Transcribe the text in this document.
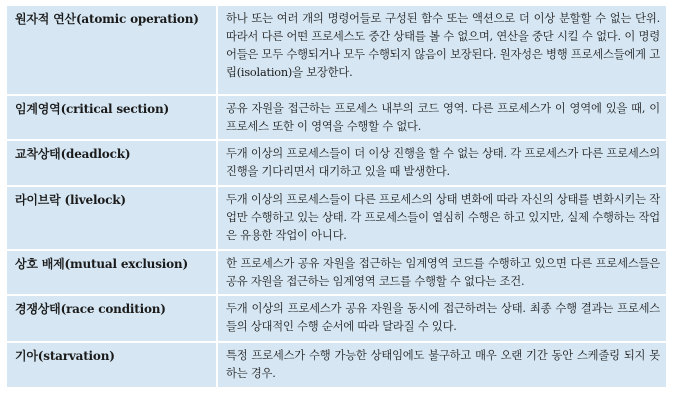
원자적 연산(atomic operation)	하나 또는 여러 개의 명령어들로 구성된 함수 또는 액션으로 더 이상 분할할 수 없는 단위. 따라서 다른 어떤 프로세스도 중간 상태를 볼 수 없으며, 연산을 중단 시킬 수 없다. 이 명령어들은 모두 수행되거나 모두 수행되지 않음이 보장된다. 원자성은 병행 프로세스들에게 고립(isolation)을 보장한다.
임계영역(critical section)	공유 자원을 접근하는 프로세스 내부의 코드 영역. 다른 프로세스가 이 영역에 있을 때, 이 프로세스 또한 이 영역을 수행할 수 없다.
교착상태(deadlock)	두개 이상의 프로세스들이 더 이상 진행을 할 수 없는 상태. 각 프로세스가 다른 프로세스의 진행을 기다리면서 대기하고 있을 때 발생한다.
라이브락 (livelock)	두개 이상의 프로세스들이 다른 프로세스의 상태 변화에 따라 자신의 상태를 변화시키는 작업만 수행하고 있는 상태. 각 프로세스들이 열심히 수행은 하고 있지만, 실제 수행하는 작업은 유용한 작업이 아니다.
상호 배제(mutual exclusion)	한 프로세스가 공유 자원을 접근하는 임계영역 코드를 수행하고 있으면 다른 프로세스들은 공유 자원을 접근하는 임계영역 코드를 수행할 수 없다는 조건.
경쟁상태(race condition)	두개 이상의 프로세스가 공유 자원을 동시에 접근하려는 상태. 최종 수행 결과는 프로세스들의 상대적인 수행 순서에 따라 달라질 수 있다.
기아(starvation)	특정 프로세스가 수행 가능한 상태임에도 불구하고 매우 오랜 기간 동안 스케줄링 되지 못하는 경우.
